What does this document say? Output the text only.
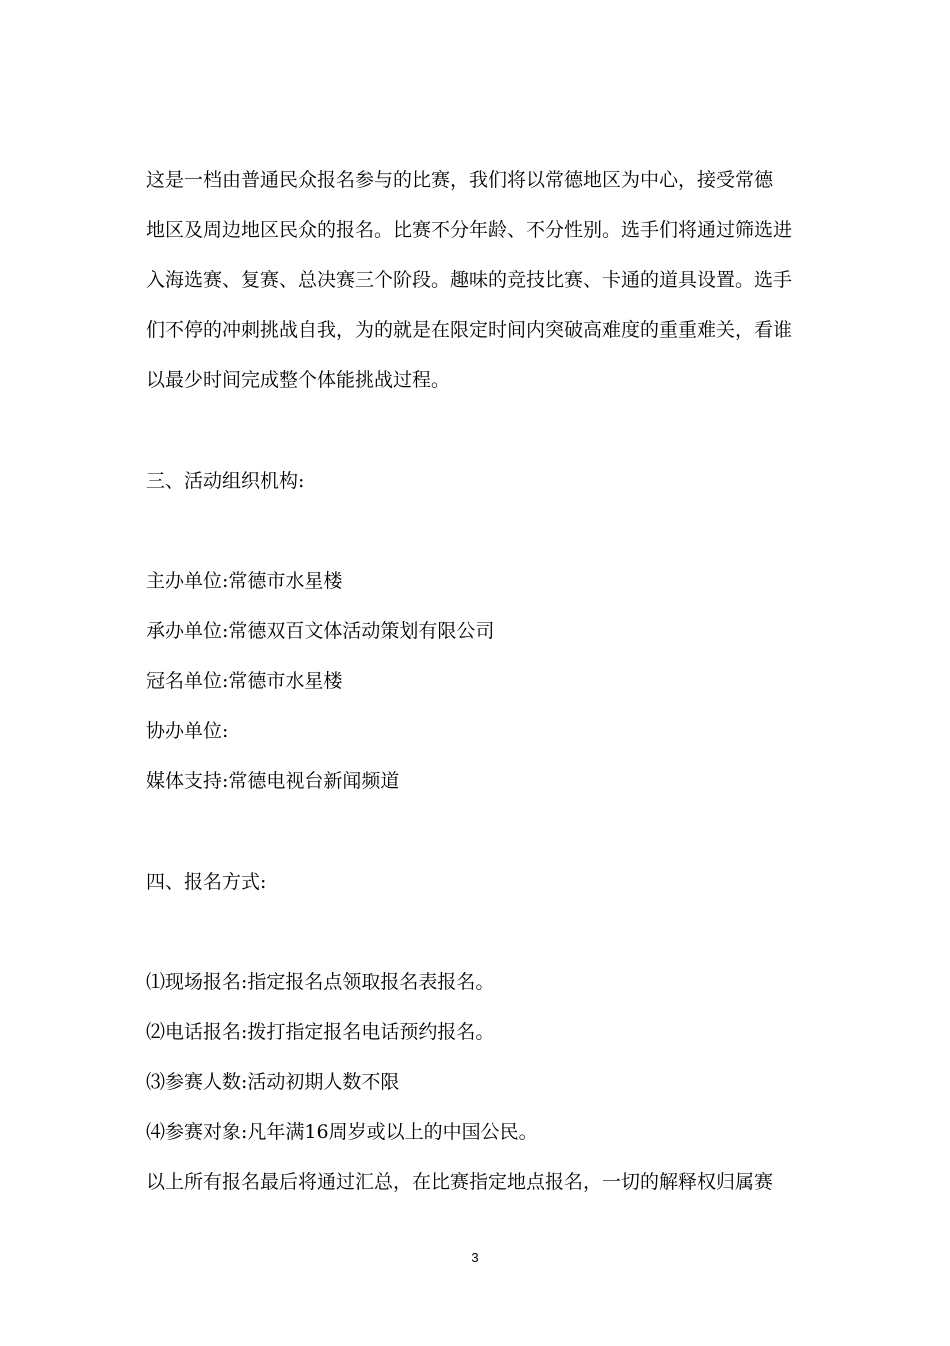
这是一档由普通民众报名参与的比赛，我们将以常德地区为中心，接受常德
地区及周边地区民众的报名。比赛不分年龄、不分性别。选手们将通过筛选进
入海选赛、复赛、总决赛三个阶段。趣味的竞技比赛、卡通的道具设置。选手
们不停的冲刺挑战自我，为的就是在限定时间内突破高难度的重重难关，看谁
以最少时间完成整个体能挑战过程。
三、活动组织机构:
主办单位:常德市水星楼
承办单位:常德双百文体活动策划有限公司
冠名单位:常德市水星楼
协办单位:
媒体支持:常德电视台新闻频道
四、报名方式:
⑴现场报名:指定报名点领取报名表报名。
⑵电话报名:拨打指定报名电话预约报名。
⑶参赛人数:活动初期人数不限
⑷参赛对象:凡年满16周岁或以上的中国公民。
以上所有报名最后将通过汇总，在比赛指定地点报名，一切的解释权归属赛
3
